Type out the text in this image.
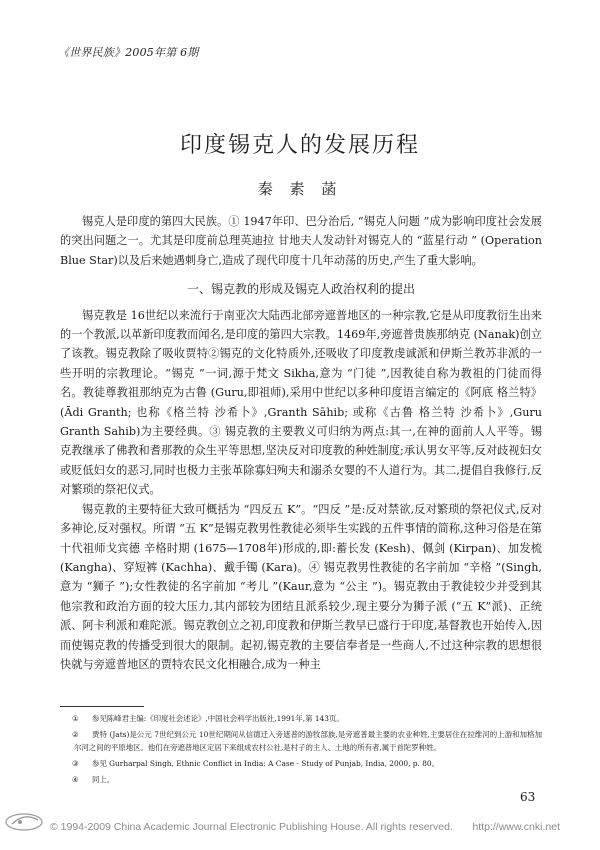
《世界民族》2005年第 6期
印度锡克人的发展历程
秦 素 菡

锡克人是印度的第四大民族。① 1947年印、巴分治后, “锡克人问题 ”成为影响印度社会发展的突出问题之一。尤其是印度前总理英迪拉 甘地夫人发动针对锡克人的 “蓝星行动 ” (Operation Blue Star)以及后来她遇刺身亡,造成了现代印度十几年动荡的历史,产生了重大影响。

一、锡克教的形成及锡克人政治权利的提出

锡克教是 16世纪以来流行于南亚次大陆西北部旁遮普地区的一种宗教,它是从印度教衍生出来的一个教派,以革新印度教而闻名,是印度的第四大宗教。1469年,旁遮普贵族那纳克 (Nanak)创立了该教。锡克教除了吸收贾特②锡克的文化特质外,还吸收了印度教虔诚派和伊斯兰教苏非派的一些开明的宗教理论。“锡克 ”一词,源于梵文 Sikha,意为 “门徒 ”,因教徒自称为教祖的门徒而得名。教徒尊教祖那纳克为古鲁 (Guru,即祖师),采用中世纪以多种印度语言编定的《阿底 格兰特》(Ādi Granth; 也称《格兰特 沙希卜》,Granth Sāhib; 或称《古鲁 格兰特 沙希卜》,Guru Granth Sahib)为主要经典。③ 锡克教的主要教义可归纳为两点:其一,在神的面前人人平等。锡克教继承了佛教和耆那教的众生平等思想,坚决反对印度教的种姓制度;承认男女平等,反对歧视妇女或贬低妇女的恶习,同时也极力主张革除寡妇殉夫和溺杀女婴的不人道行为。其二,提倡自我修行,反对繁琐的祭祀仪式。

锡克教的主要特征大致可概括为 “四反五 K”。“四反 ”是:反对禁欲,反对繁琐的祭祀仪式,反对多神论,反对强权。所谓 “五 K”是锡克教男性教徒必须毕生实践的五件事情的简称,这种习俗是在第十代祖师戈宾德 辛格时期 (1675—1708年)形成的,即:蓄长发 (Kesh)、佩剑 (Kirpan)、加发梳 (Kangha)、穿短裤 (Kachha)、戴手镯 (Kara)。④ 锡克教男性教徒的名字前加 “辛格 ”(Singh,意为 “狮子 ”);女性教徒的名字前加 “考儿 ”(Kaur,意为 “公主 ”)。锡克教由于教徒较少并受到其他宗教和政治方面的较大压力,其内部较为团结且派系较少,现主要分为狮子派 (“五 K”派)、正统派、阿卡利派和难陀派。锡克教创立之初,印度教和伊斯兰教早已盛行于印度,基督教也开始传入,因而使锡克教的传播受到很大的限制。起初,锡克教的主要信奉者是一些商人,不过这种宗教的思想很快就与旁遮普地区的贾特农民文化相融合,成为一种主

① 参见陈峰君主编:《印度社会述论》,中国社会科学出版社,1991年,第 143页。

② 贾特 (Jats)是公元 7世纪到公元 10世纪期间从信德迁入旁遮普的游牧部族,是旁遮普最主要的农业种姓,主要居住在拉维河的上游和加格加尔河之间的平原地区。他们在旁遮普地区定居下来组成农村公社,是村子的主人、土地的所有者,属于首陀罗种姓。

③ 参见 Gurharpal Singh, Ethnic Conflict in India: A Case - Study of Punjab, India, 2000, p. 80。

④ 同上。

63
© 1994-2009 China Academic Journal Electronic Publishing House. All rights reserved. http://www.cnki.net
